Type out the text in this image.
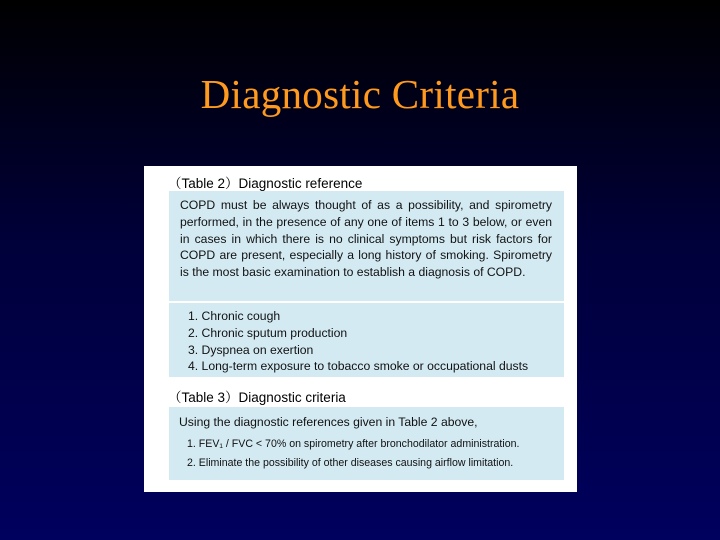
Diagnostic Criteria
（Table 2）Diagnostic reference
COPD must be always thought of as a possibility, and spirometry performed, in the presence of any one of items 1 to 3 below, or even in cases in which there is no clinical symptoms but risk factors for COPD are present, especially a long history of smoking. Spirometry is the most basic examination to establish a diagnosis of COPD.
1. Chronic cough
2. Chronic sputum production
3. Dyspnea on exertion
4. Long-term exposure to tobacco smoke or occupational dusts
（Table 3）Diagnostic criteria
Using the diagnostic references given in Table 2 above,
1. FEV₁ / FVC < 70% on spirometry after bronchodilator administration.
2. Eliminate the possibility of other diseases causing airflow limitation.
